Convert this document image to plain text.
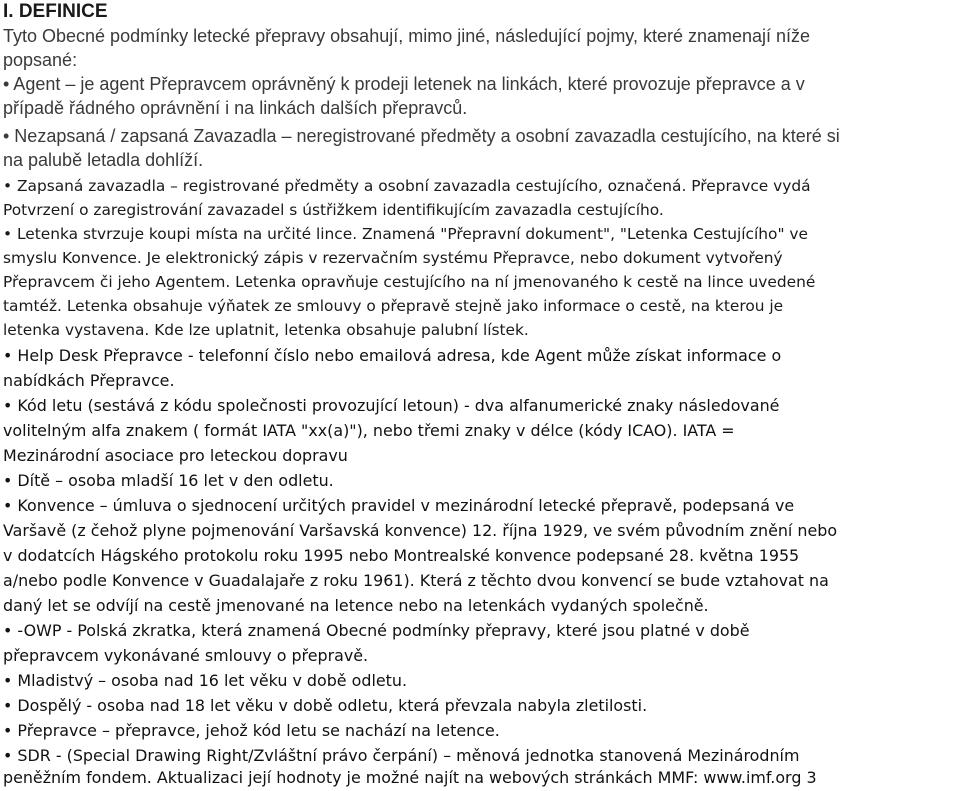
I. DEFINICE

Tyto Obecné podmínky letecké přepravy obsahují, mimo jiné, následující pojmy, které znamenají níže

popsané:

• Agent – je agent Přepravcem oprávněný k prodeji letenek na linkách, které provozuje přepravce a v

případě řádného oprávnění i na linkách dalších přepravců.

• Nezapsaná / zapsaná Zavazadla – neregistrované předměty a osobní zavazadla cestujícího, na které si

na palubě letadla dohlíží.

• Zapsaná zavazadla – registrované předměty a osobní zavazadla cestujícího, označená. Přepravce vydá

Potvrzení o zaregistrování zavazadel s ústřižkem identifikujícím zavazadla cestujícího.

• Letenka stvrzuje koupi místa na určité lince. Znamená "Přepravní dokument", "Letenka Cestujícího" ve

smyslu Konvence. Je elektronický zápis v rezervačním systému Přepravce, nebo dokument vytvořený

Přepravcem či jeho Agentem. Letenka opravňuje cestujícího na ní jmenovaného k cestě na lince uvedené

tamtéž. Letenka obsahuje výňatek ze smlouvy o přepravě stejně jako informace o cestě, na kterou je

letenka vystavena. Kde lze uplatnit, letenka obsahuje palubní lístek.

• Help Desk Přepravce - telefonní číslo nebo emailová adresa, kde Agent může získat informace o

nabídkách Přepravce.

• Kód letu (sestává z kódu společnosti provozující letoun) - dva alfanumerické znaky následované

volitelným alfa znakem ( formát IATA "xx(a)"), nebo třemi znaky v délce (kódy ICAO). IATA =

Mezinárodní asociace pro leteckou dopravu

• Dítě – osoba mladší 16 let v den odletu.

• Konvence – úmluva o sjednocení určitých pravidel v mezinárodní letecké přepravě, podepsaná ve

Varšavě (z čehož plyne pojmenování Varšavská konvence) 12. října 1929, ve svém původním znění nebo

v dodatcích Hágského protokolu roku 1995 nebo Montrealské konvence podepsané 28. května 1955

a/nebo podle Konvence v Guadalajaře z roku 1961). Která z těchto dvou konvencí se bude vztahovat na

daný let se odvíjí na cestě jmenované na letence nebo na letenkách vydaných společně.

• -OWP - Polská zkratka, která znamená Obecné podmínky přepravy, které jsou platné v době

přepravcem vykonávané smlouvy o přepravě.

• Mladistvý – osoba nad 16 let věku v době odletu.

• Dospělý - osoba nad 18 let věku v době odletu, která převzala nabyla zletilosti.

• Přepravce – přepravce, jehož kód letu se nachází na letence.

• SDR - (Special Drawing Right/Zvláštní právo čerpání) – měnová jednotka stanovená Mezinárodním

peněžním fondem. Aktualizaci její hodnoty je možné najít na webových stránkách MMF: www.imf.org 3
